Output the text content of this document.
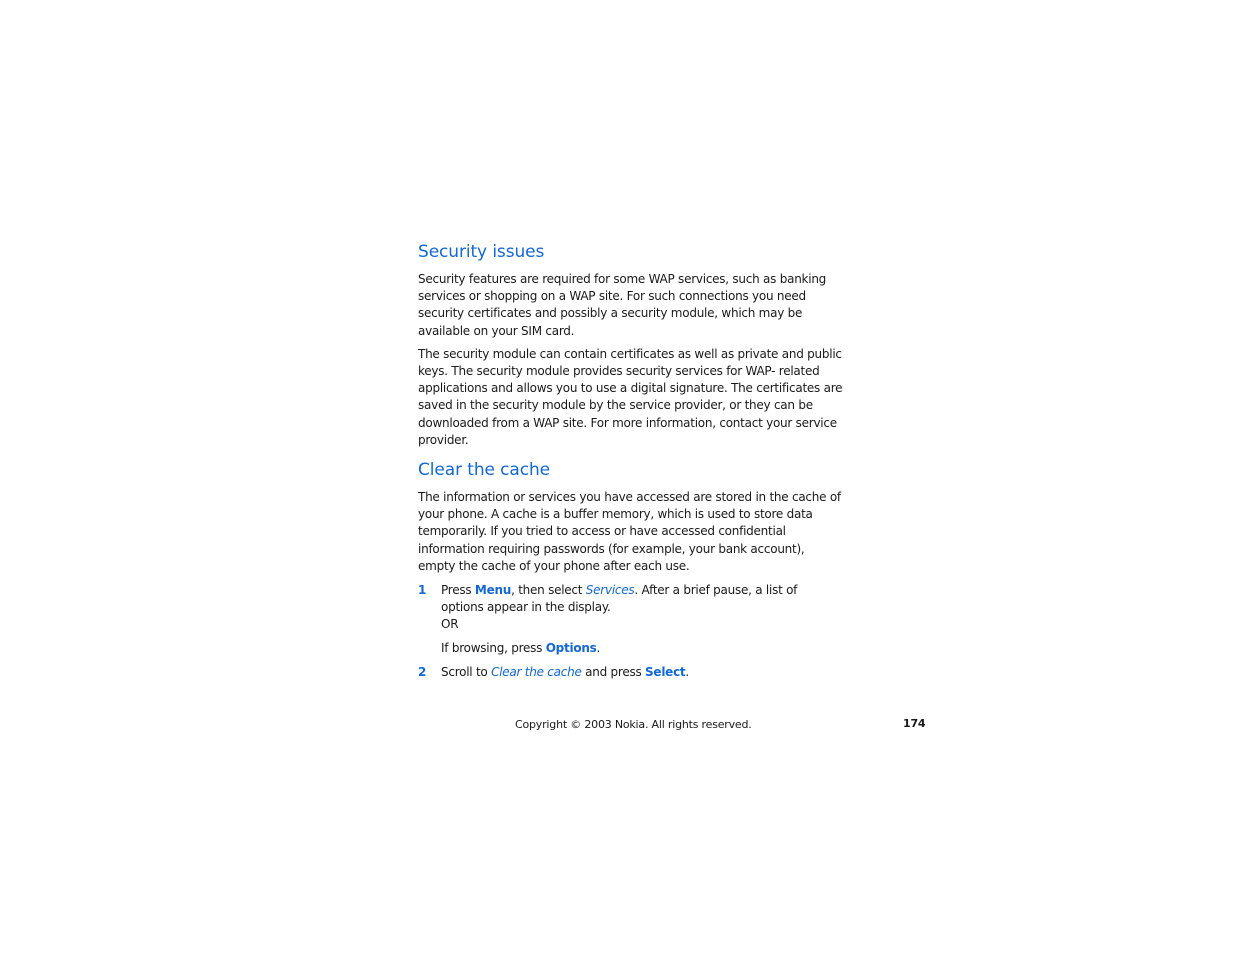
Security issues

Security features are required for some WAP services, such as banking services or shopping on a WAP site. For such connections you need security certificates and possibly a security module, which may be available on your SIM card.

The security module can contain certificates as well as private and public keys. The security module provides security services for WAP- related applications and allows you to use a digital signature. The certificates are saved in the security module by the service provider, or they can be downloaded from a WAP site. For more information, contact your service provider.

Clear the cache

The information or services you have accessed are stored in the cache of your phone. A cache is a buffer memory, which is used to store data temporarily. If you tried to access or have accessed confidential information requiring passwords (for example, your bank account), empty the cache of your phone after each use.

1	Press Menu, then select Services. After a brief pause, a list of options appear in the display.
OR
If browsing, press Options.
2	Scroll to Clear the cache and press Select.
Copyright © 2003 Nokia. All rights reserved.	174
